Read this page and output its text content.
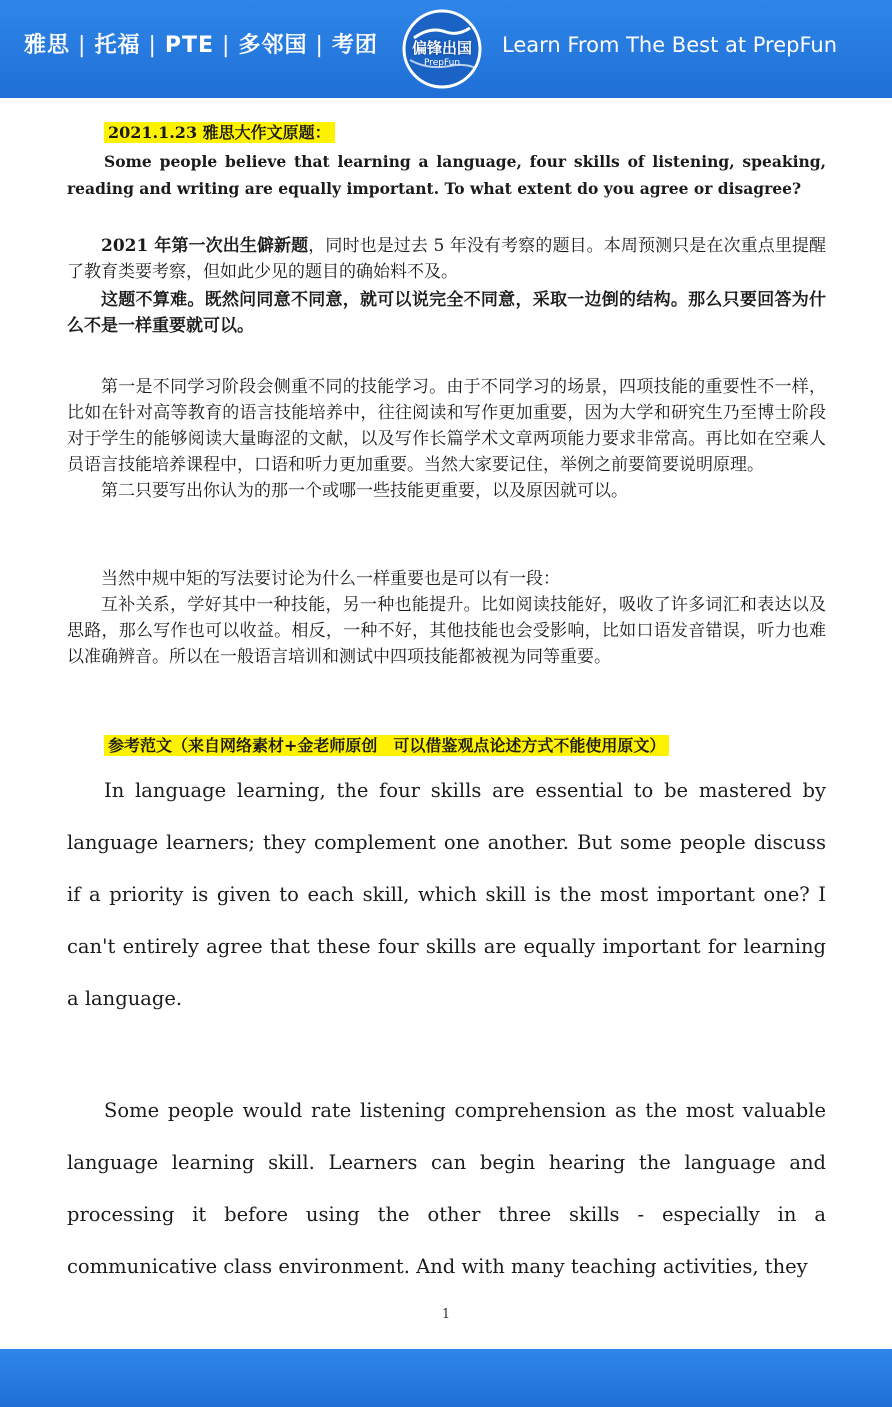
雅思 | 托福 | PTE | 多邻国 | 考团	偏锋出国
PrepFun
Learn From The Best at PrepFun
2021.1.23 雅思大作文原题：

Some people believe that learning a language, four skills of listening, speaking, reading and writing are equally important. To what extent do you agree or disagree?

2021 年第一次出生僻新题，同时也是过去 5 年没有考察的题目。本周预测只是在次重点里提醒了教育类要考察，但如此少见的题目的确始料不及。

这题不算难。既然问同意不同意，就可以说完全不同意，采取一边倒的结构。那么只要回答为什么不是一样重要就可以。

第一是不同学习阶段会侧重不同的技能学习。由于不同学习的场景，四项技能的重要性不一样，比如在针对高等教育的语言技能培养中，往往阅读和写作更加重要，因为大学和研究生乃至博士阶段对于学生的能够阅读大量晦涩的文献，以及写作长篇学术文章两项能力要求非常高。再比如在空乘人员语言技能培养课程中，口语和听力更加重要。当然大家要记住，举例之前要简要说明原理。

第二只要写出你认为的那一个或哪一些技能更重要，以及原因就可以。

当然中规中矩的写法要讨论为什么一样重要也是可以有一段：

互补关系，学好其中一种技能，另一种也能提升。比如阅读技能好，吸收了许多词汇和表达以及思路，那么写作也可以收益。相反，一种不好，其他技能也会受影响，比如口语发音错误，听力也难以准确辨音。所以在一般语言培训和测试中四项技能都被视为同等重要。

参考范文（来自网络素材+金老师原创　可以借鉴观点论述方式不能使用原文）

In language learning, the four skills are essential to be mastered by language learners; they complement one another. But some people discuss if a priority is given to each skill, which skill is the most important one? I can't entirely agree that these four skills are equally important for learning a language.

Some people would rate listening comprehension as the most valuable language learning skill. Learners can begin hearing the language and processing it before using the other three skills - especially in a communicative class environment. And with many teaching activities, they

1
